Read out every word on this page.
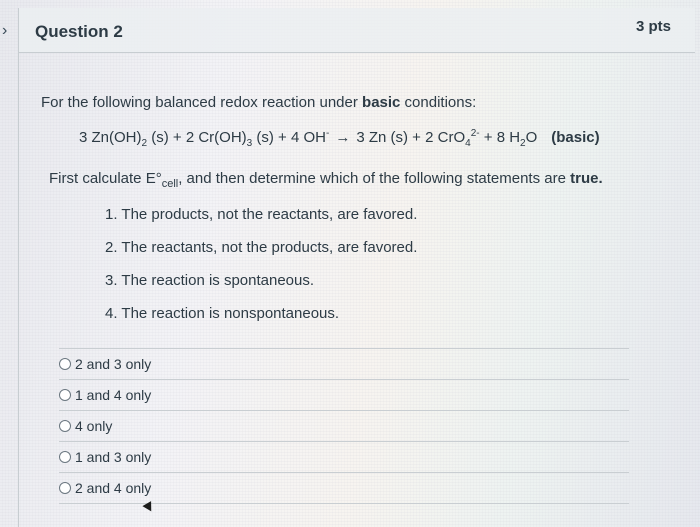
›	Question 2	3 pts
For the following balanced redox reaction under basic conditions:
3 $Zn(OH)_2$ (s) + 2 $Cr(OH)_3$ (s) + 4 OH- → 3 Zn (s) + 2 CrO$_4^{2-}$ + 8 $H_2O$ (basic)
First calculate $E^\circ_{cell}$, and then determine which of the following statements are true.
1. The products, not the reactants, are favored.
2. The reactants, not the products, are favored.
3. The reaction is spontaneous.
4. The reaction is nonspontaneous.
2 and 3 only
1 and 4 only
4 only
1 and 3 only
2 and 4 only
